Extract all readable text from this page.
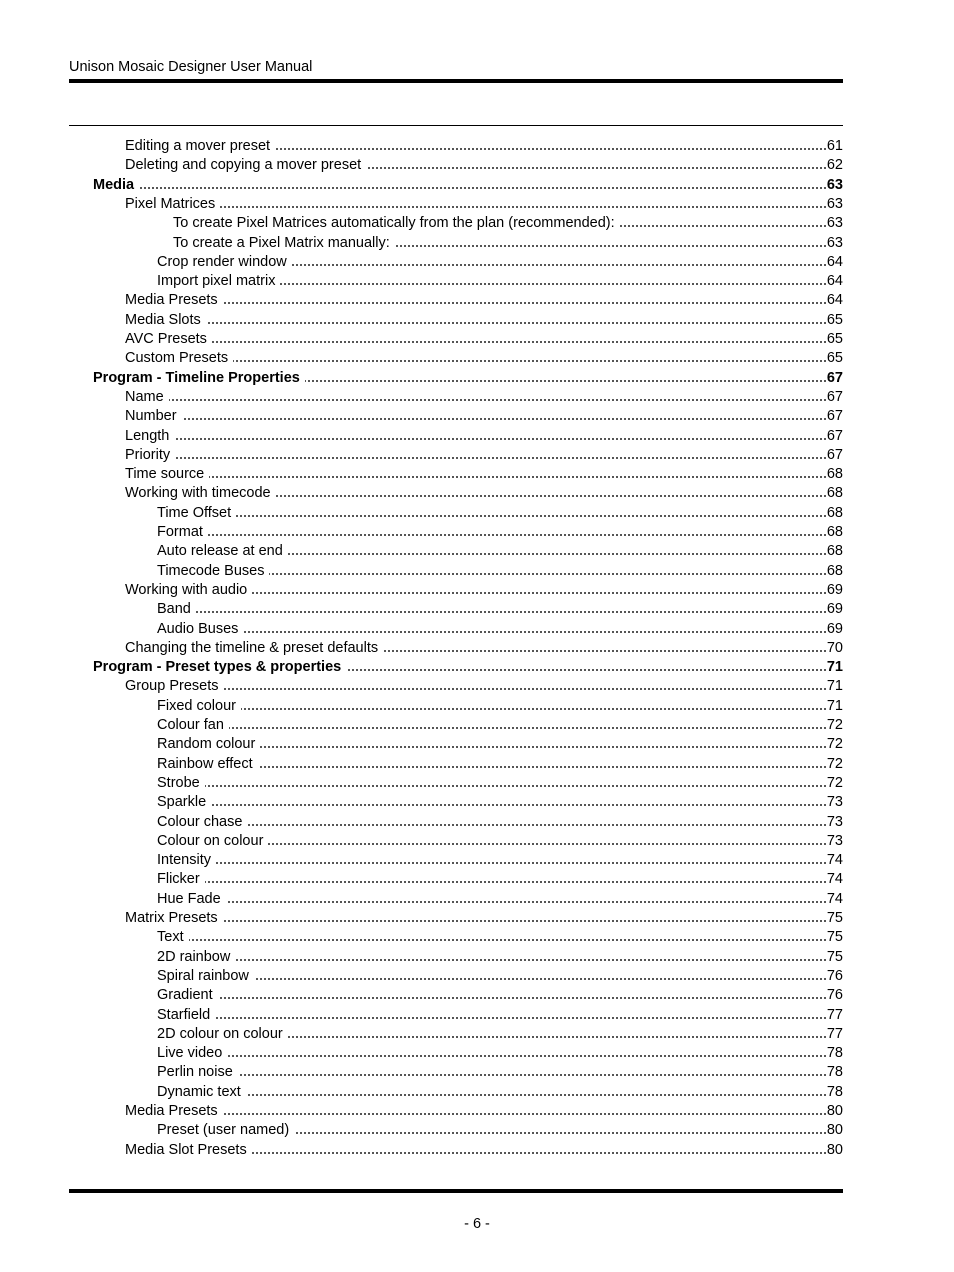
Unison Mosaic Designer User Manual
Editing a mover preset	61
Deleting and copying a mover preset	62
Media	63
Pixel Matrices	63
To create Pixel Matrices automatically from the plan (recommended):	63
To create a Pixel Matrix manually:	63
Crop render window	64
Import pixel matrix	64
Media Presets	64
Media Slots	65
AVC Presets	65
Custom Presets	65
Program - Timeline Properties	67
Name	67
Number	67
Length	67
Priority	67
Time source	68
Working with timecode	68
Time Offset	68
Format	68
Auto release at end	68
Timecode Buses	68
Working with audio	69
Band	69
Audio Buses	69
Changing the timeline & preset defaults	70
Program - Preset types & properties	71
Group Presets	71
Fixed colour	71
Colour fan	72
Random colour	72
Rainbow effect	72
Strobe	72
Sparkle	73
Colour chase	73
Colour on colour	73
Intensity	74
Flicker	74
Hue Fade	74
Matrix Presets	75
Text	75
2D rainbow	75
Spiral rainbow	76
Gradient	76
Starfield	77
2D colour on colour	77
Live video	78
Perlin noise	78
Dynamic text	78
Media Presets	80
Preset (user named)	80
Media Slot Presets	80
- 6 -
